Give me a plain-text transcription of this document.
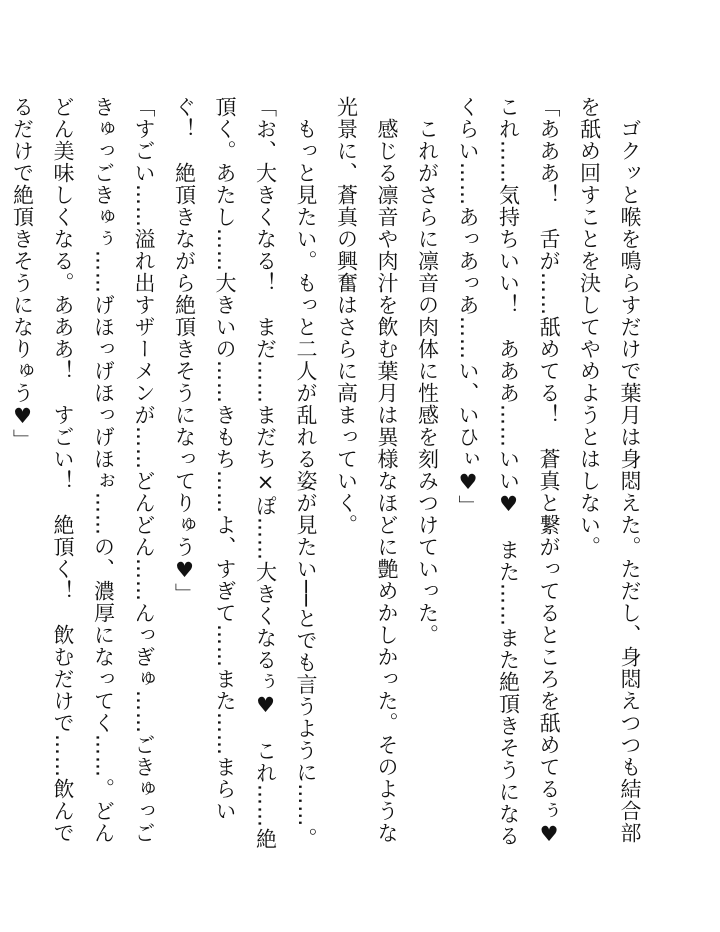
　ゴクッと喉を鳴らすだけで葉月は身悶えた。ただし、身悶えつつも結合部を舐め回すことを決してやめようとはしない。

「あああ！　舌が……舐めてる！　蒼真と繋がってるところを舐めてるぅ♥　これ……気持ちいい！　あああ……いい♥　また……また絶頂きそうになるくらい……あっあっあ……い、いひぃ♥」

　これがさらに凛音の肉体に性感を刻みつけていった。

　感じる凛音や肉汁を飲む葉月は異様なほどに艶めかしかった。そのような光景に、蒼真の興奮はさらに高まっていく。

　もっと見たい。もっと二人が乱れる姿が見たい──とでも言うように……。

「お、大きくなる！　まだ……まだち×ぽ……大きくなるぅ♥　これ……絶頂く。あたし……大きいの……きもち……よ、すぎて……また……まらいぐ！　絶頂きながら絶頂きそうになってりゅう♥」

「すごい……溢れ出すザーメンが……どんどん……んっぎゅ……ごきゅっごきゅっごきゅぅ……げほっげほっげほぉ……の、濃厚になってく……。どんどん美味しくなる。あああ！　すごい！　絶頂く！　飲むだけで……飲んでるだけで絶頂きそうになりゅう♥」
